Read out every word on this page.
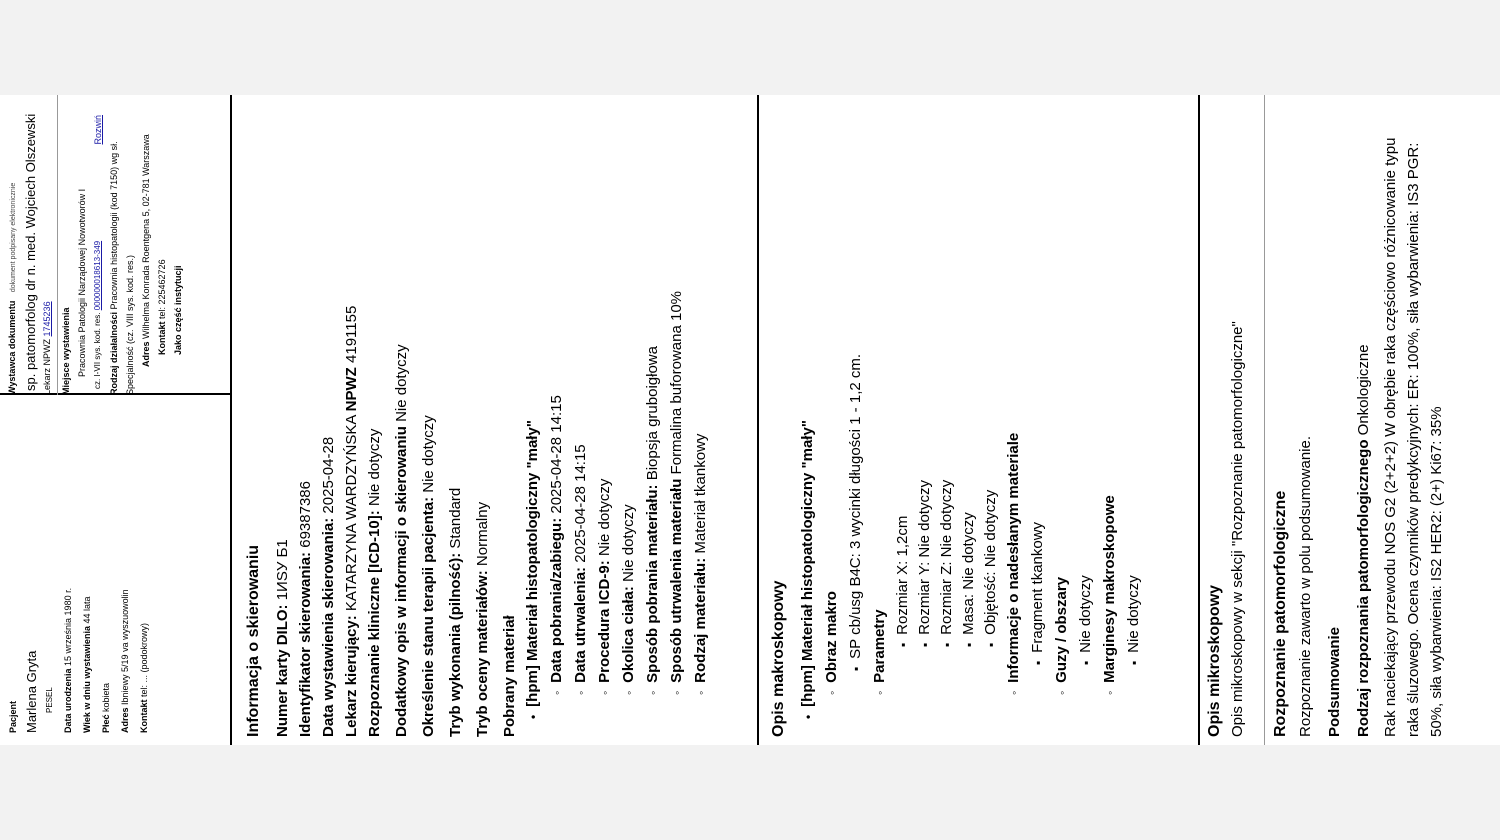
Pacjent Marlena Gryta PESEL	Data urodzenia 15 września 1980 r.	Wiek w dniu wystawienia 44 lata
Płeć kobieta
Adres Ibniewy 5/19 va wyszuowolin
Kontakt tel: ... (podokrowy)
Wystawca dokumentu dokument podpisany elektronicznie sp. patomorfolog dr n. med. Wojciech Olszewski Lekarz NPWZ 1745236	Miejsce wystawienia Pracownia Patologii Narządowej Nowotworów I cz. I-VII sys. kod. res. 000000018613-349
Rodzaj działalności Pracownia histopatologii (kod 7150) wg sł. Specjalność (cz. VIII sys. kod. res.) Adres Wilhelma Konrada Roentgena 5, 02-781 Warszawa Kontakt tel: 225462726 Jako część instytucji
Rozwiń
Informacja o skierowaniu Numer karty DILO: 1ИЅУ Ƃ1 Identyfikator skierowania: 69387386
Data wystawienia skierowania: 2025-04-28
Lekarz kierujący: KATARZYNA WARDZYŃSKA NPWZ 4191155
Rozpoznanie kliniczne [ICD-10]: Nie dotyczy Dodatkowy opis w informacji o skierowaniu Nie dotyczy
Określenie stanu terapii pacjenta: Nie dotyczy
Tryb wykonania (pilność): Standard
Tryb oceny materiałów: Normalny
Pobrany materiał • [hpm] Materiał histopatologiczny "mały" ◦ Data pobrania/zabiegu: 2025-04-28 14:15
◦ Data utrwalenia: 2025-04-28 14:15
◦ Procedura ICD-9: Nie dotyczy
◦ Okolica ciała: Nie dotyczy
◦ Sposób pobrania materiału: Biopsja gruboigłowa
◦ Sposób utrwalenia materiału Formalina buforowana 10%
◦ Rodzaj materiału: Materiał tkankowy
Opis makroskopowy	• [hpm] Materiał histopatologiczny "mały" ◦ Obraz makro ▪ SP cb/usg B4C: 3 wycinki długości 1 - 1,2 cm.
◦ Parametry ▪ Rozmiar X: 1,2cm
▪ Rozmiar Y: Nie dotyczy
▪ Rozmiar Z: Nie dotyczy
▪ Masa: Nie dotyczy
▪ Objętość: Nie dotyczy
◦ Informacje o nadesłanym materiale ▪ Fragment tkankowy
◦ Guzy / obszary ▪ Nie dotyczy
◦ Marginesy makroskopowe ▪ Nie dotyczy	Opis mikroskopowy Opis mikroskopowy w sekcji "Rozpoznanie patomorfologiczne" Rozpoznanie patomorfologiczne Rozpoznanie zawarto w polu podsumowanie. Podsumowanie Rodzaj rozpoznania patomorfologicznego Onkologiczne Rak naciekający przewodu NOS G2 (2+2+2) W obrębie raka częściowo różnicowanie typu raka śluzowego. Ocena czynników predykcyjnych: ER: 100%, siła wybarwienia: IS3 PGR: 50%, siła wybarwienia: IS2 HER2: (2+) Ki67: 35%
